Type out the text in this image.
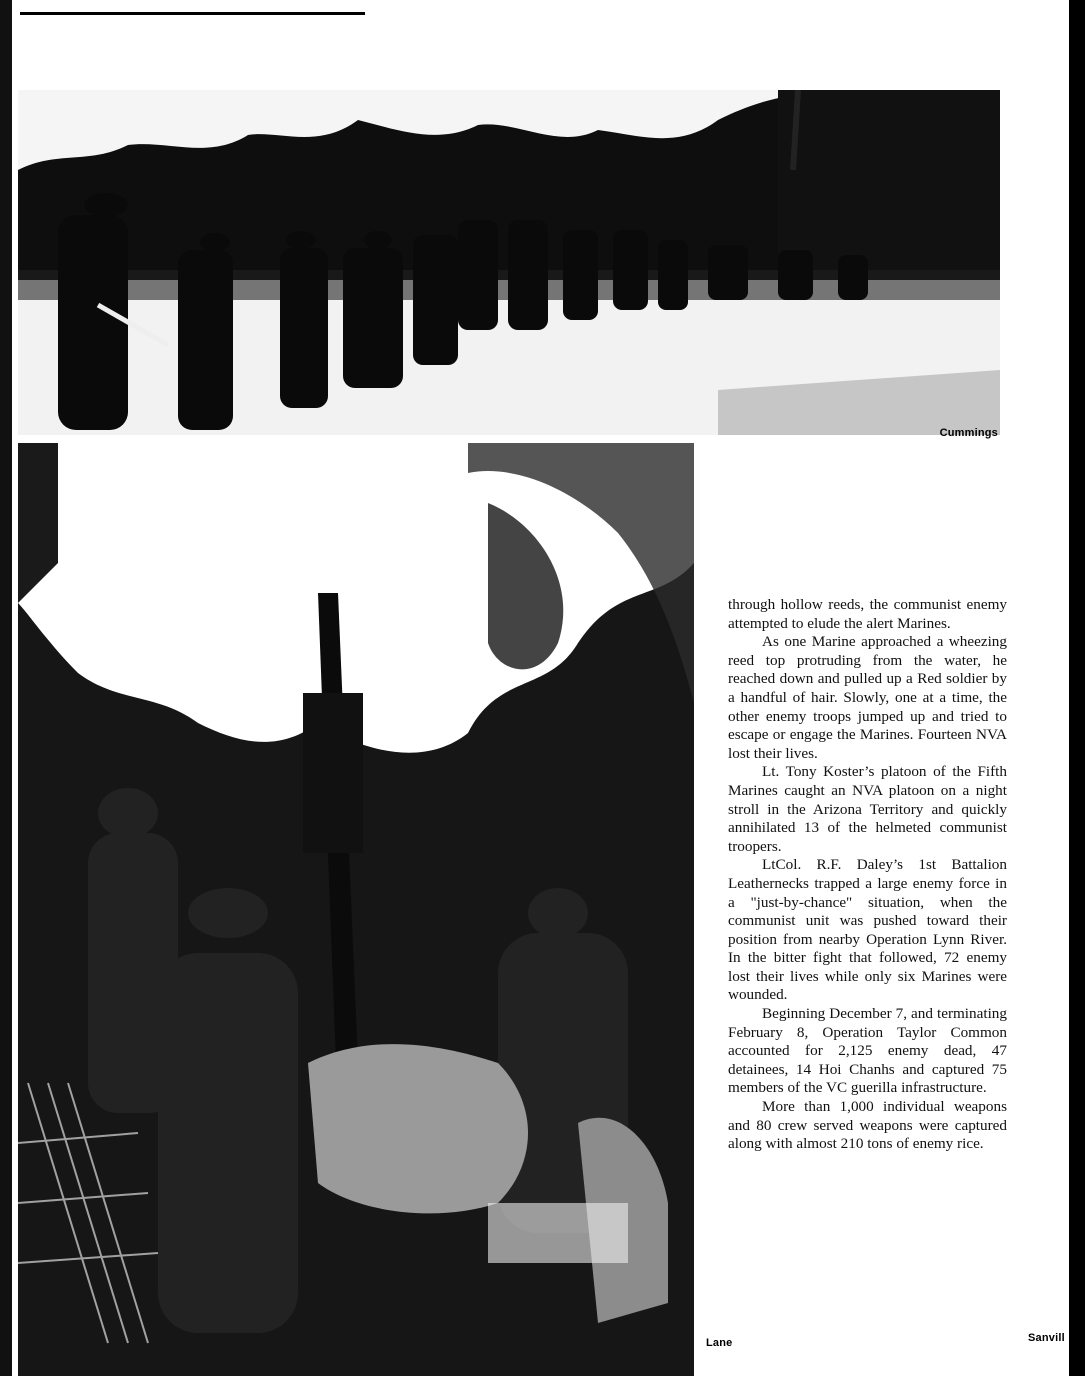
Cummings
Lane	Sanvill

through hollow reeds, the communist enemy attempted to elude the alert Marines.

As one Marine approached a wheezing reed top protruding from the water, he reached down and pulled up a Red soldier by a handful of hair. Slowly, one at a time, the other enemy troops jumped up and tried to escape or engage the Marines. Fourteen NVA lost their lives.

Lt. Tony Koster’s platoon of the Fifth Marines caught an NVA platoon on a night stroll in the Arizona Territory and quickly annihilated 13 of the helmeted communist troopers.

LtCol. R.F. Daley’s 1st Battalion Leathernecks trapped a large enemy force in a "just-by-chance" situation, when the communist unit was pushed toward their position from nearby Operation Lynn River. In the bitter fight that followed, 72 enemy lost their lives while only six Marines were wounded.

Beginning December 7, and terminating February 8, Operation Taylor Common accounted for 2,125 enemy dead, 47 detainees, 14 Hoi Chanhs and captured 75 members of the VC guerilla infrastructure.

More than 1,000 individual weapons and 80 crew served weapons were captured along with almost 210 tons of enemy rice.
